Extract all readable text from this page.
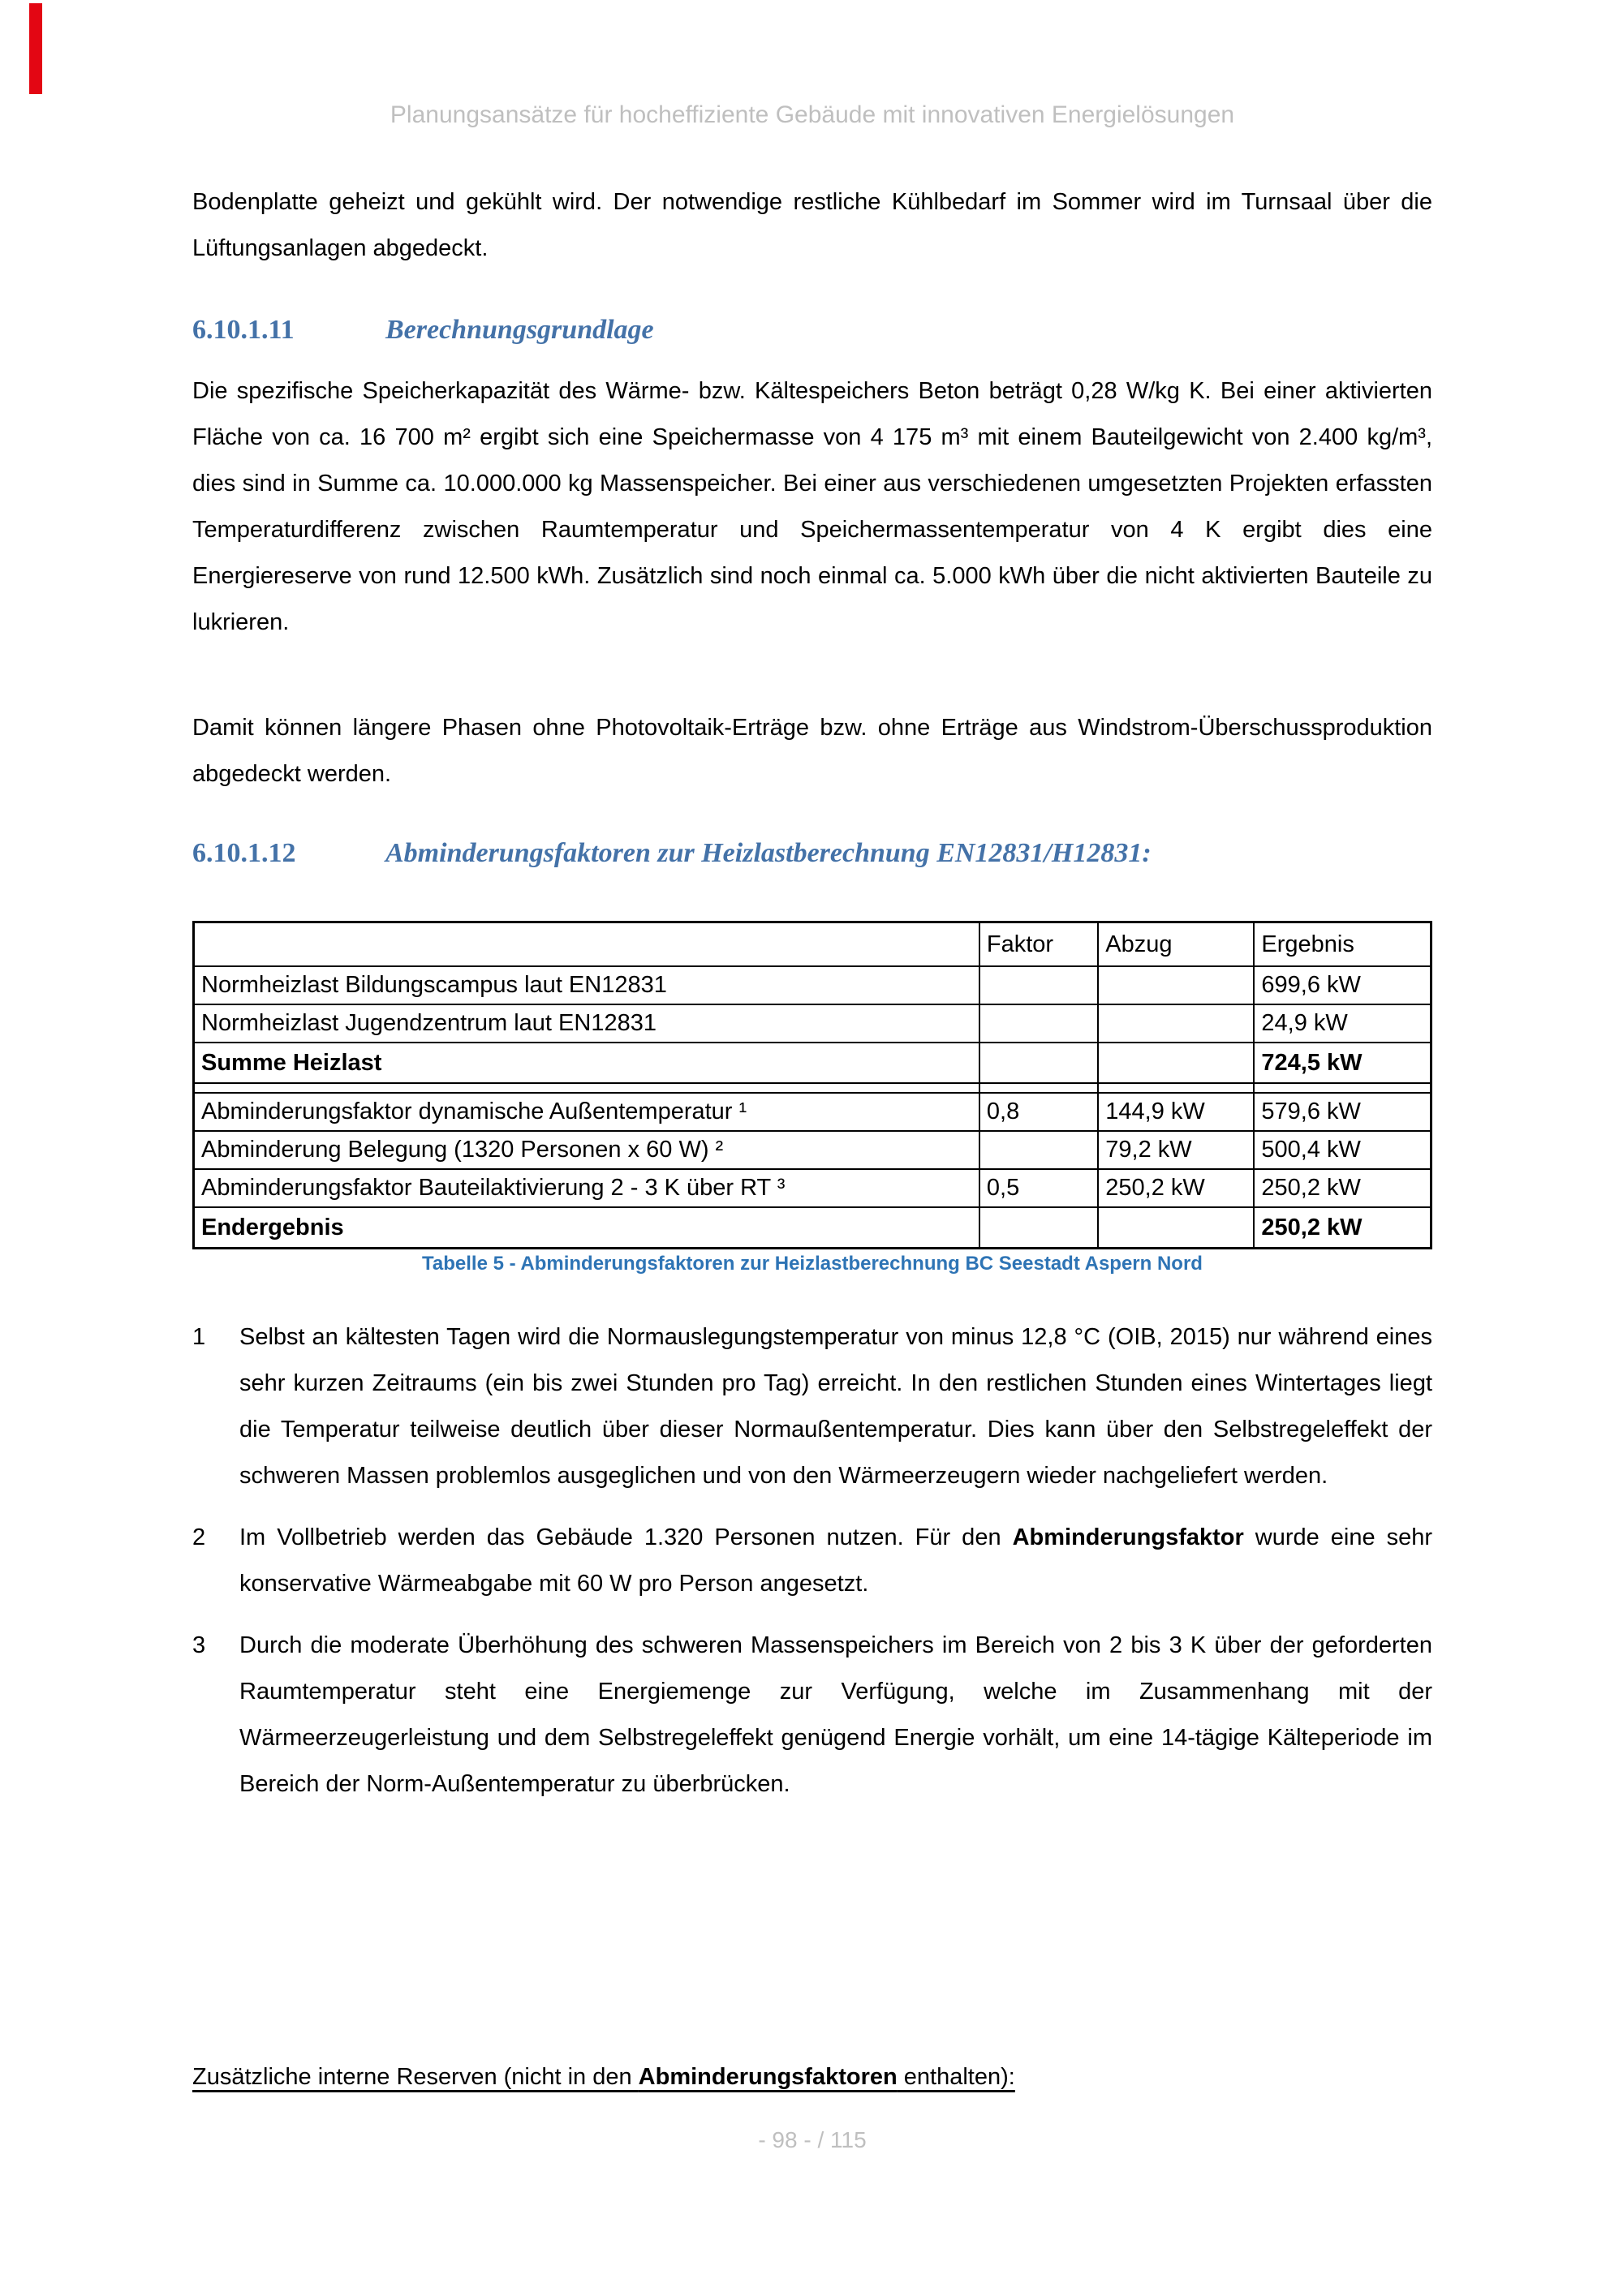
Planungsansätze für hocheffiziente Gebäude mit innovativen Energielösungen
Bodenplatte geheizt und gekühlt wird. Der notwendige restliche Kühlbedarf im Sommer wird im Turnsaal über die Lüftungsanlagen abgedeckt.
6.10.1.11	Berechnungsgrundlage
Die spezifische Speicherkapazität des Wärme- bzw. Kältespeichers Beton beträgt 0,28 W/kg K. Bei einer aktivierten Fläche von ca. 16 700 m² ergibt sich eine Speichermasse von 4 175 m³ mit einem Bauteilgewicht von 2.400 kg/m³, dies sind in Summe ca. 10.000.000 kg Massenspeicher. Bei einer aus verschiedenen umgesetzten Projekten erfassten Temperaturdifferenz zwischen Raumtemperatur und Speichermassentemperatur von 4 K ergibt dies eine Energiereserve von rund 12.500 kWh. Zusätzlich sind noch einmal ca. 5.000 kWh über die nicht aktivierten Bauteile zu lukrieren.
Damit können längere Phasen ohne Photovoltaik-Erträge bzw. ohne Erträge aus Windstrom-Überschussproduktion abgedeckt werden.
6.10.1.12	Abminderungsfaktoren zur Heizlastberechnung EN12831/H12831:
	Faktor	Abzug	Ergebnis
Normheizlast Bildungscampus laut EN12831			699,6 kW
Normheizlast Jugendzentrum laut EN12831			24,9 kW
Summe Heizlast			724,5 kW

Abminderungsfaktor dynamische Außentemperatur ¹	0,8	144,9 kW	579,6 kW
Abminderung Belegung (1320 Personen x 60 W) ²		79,2 kW	500,4 kW
Abminderungsfaktor Bauteilaktivierung 2 - 3 K über RT ³	0,5	250,2 kW	250,2 kW
Endergebnis			250,2 kW
Tabelle 5 - Abminderungsfaktoren zur Heizlastberechnung BC Seestadt Aspern Nord
1	Selbst an kältesten Tagen wird die Normauslegungstemperatur von minus 12,8 °C (OIB, 2015) nur während eines sehr kurzen Zeitraums (ein bis zwei Stunden pro Tag) erreicht. In den restlichen Stunden eines Wintertages liegt die Temperatur teilweise deutlich über dieser Normaußentemperatur. Dies kann über den Selbstregeleffekt der schweren Massen problemlos ausgeglichen und von den Wärmeerzeugern wieder nachgeliefert werden.
2	Im Vollbetrieb werden das Gebäude 1.320 Personen nutzen. Für den Abminderungsfaktor wurde eine sehr konservative Wärmeabgabe mit 60 W pro Person angesetzt.
3	Durch die moderate Überhöhung des schweren Massenspeichers im Bereich von 2 bis 3 K über der geforderten Raumtemperatur steht eine Energiemenge zur Verfügung, welche im Zusammenhang mit der Wärmeerzeugerleistung und dem Selbstregeleffekt genügend Energie vorhält, um eine 14-tägige Kälteperiode im Bereich der Norm-Außentemperatur zu überbrücken.
Zusätzliche interne Reserven (nicht in den Abminderungsfaktoren enthalten):
- 98 - / 115
